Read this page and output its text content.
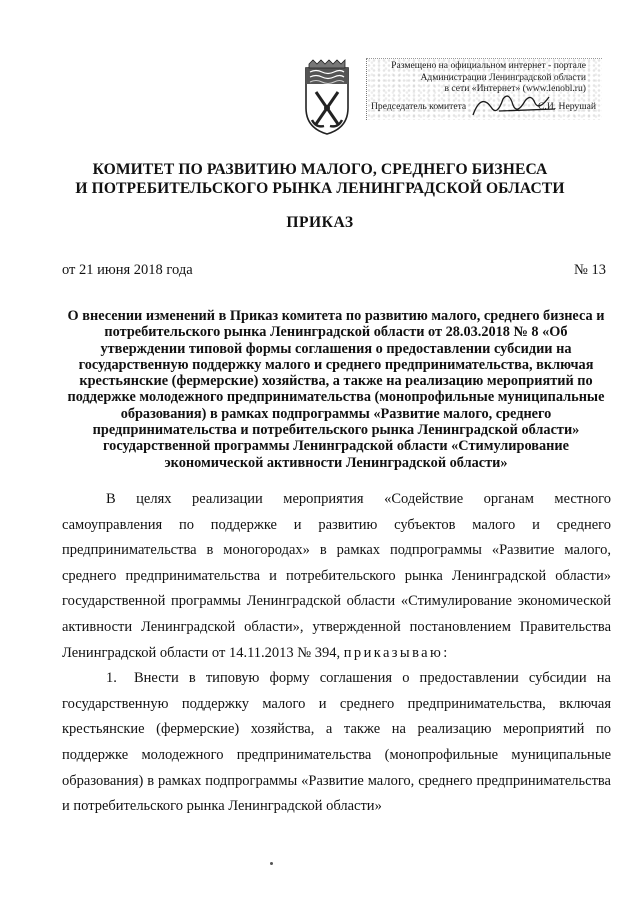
Размещено на официальном интернет - портале
Администрации Ленинградской области
в сети «Интернет» (www.lenobl.ru)
Председатель комитета	С.И. Нерушай
КОМИТЕТ ПО РАЗВИТИЮ МАЛОГО, СРЕДНЕГО БИЗНЕСА
И ПОТРЕБИТЕЛЬСКОГО РЫНКА ЛЕНИНГРАДСКОЙ ОБЛАСТИ
ПРИКАЗ
от 21 июня 2018 года	№ 13
О внесении изменений в Приказ комитета по развитию малого, среднего бизнеса и потребительского рынка Ленинградской области от 28.03.2018 № 8 «Об утверждении типовой формы соглашения о предоставлении субсидии на государственную поддержку малого и среднего предпринимательства, включая крестьянские (фермерские) хозяйства, а также на реализацию мероприятий по поддержке молодежного предпринимательства (монопрофильные муниципальные образования) в рамках подпрограммы «Развитие малого, среднего предпринимательства и потребительского рынка Ленинградской области» государственной программы Ленинградской области «Стимулирование экономической активности Ленинградской области»

В целях реализации мероприятия «Содействие органам местного самоуправления по поддержке и развитию субъектов малого и среднего предпринимательства в моногородах» в рамках подпрограммы «Развитие малого, среднего предпринимательства и потребительского рынка Ленинградской области» государственной программы Ленинградской области «Стимулирование экономической активности Ленинградской области», утвержденной постановлением Правительства Ленинградской области от 14.11.2013 № 394, приказываю:

1. Внести в типовую форму соглашения о предоставлении субсидии на государственную поддержку малого и среднего предпринимательства, включая крестьянские (фермерские) хозяйства, а также на реализацию мероприятий по поддержке молодежного предпринимательства (монопрофильные муниципальные образования) в рамках подпрограммы «Развитие малого, среднего предпринимательства и потребительского рынка Ленинградской области»
